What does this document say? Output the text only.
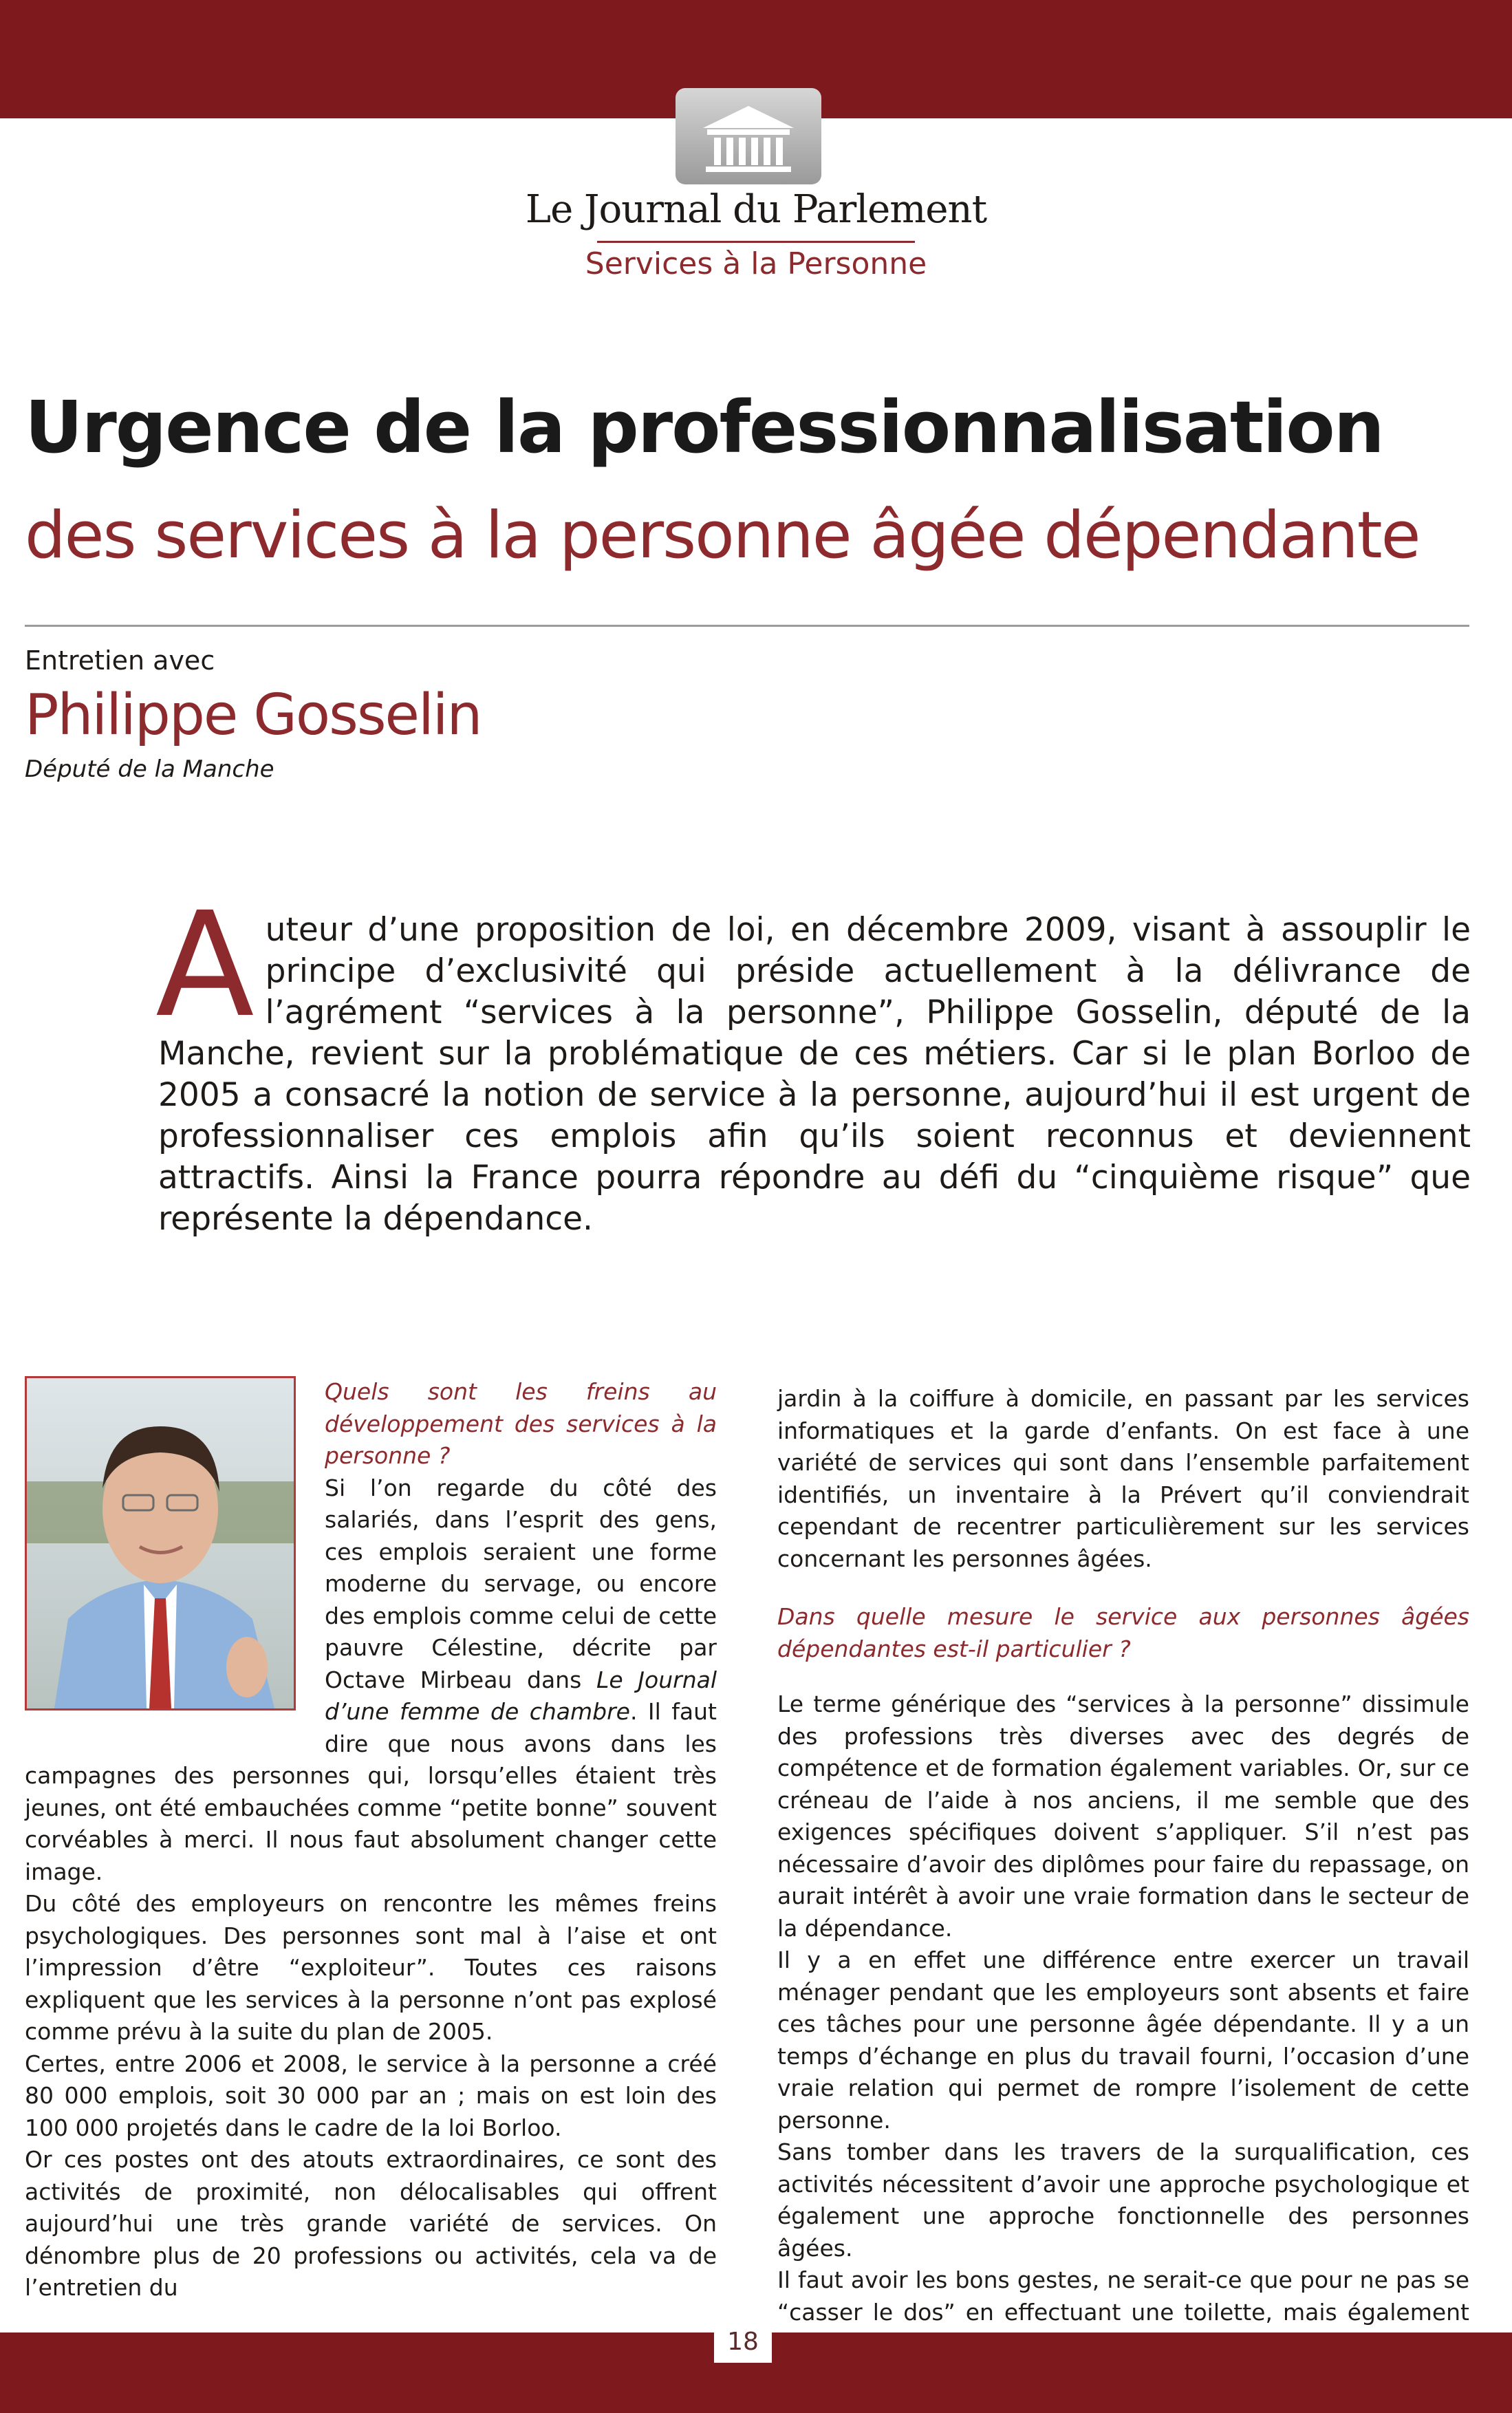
Le Journal du Parlement
Services à la Personne
Urgence de la professionnalisation
des services à la personne âgée dépendante
Entretien avec
Philippe Gosselin
Député de la Manche
Auteur d’une proposition de loi, en décembre 2009, visant à assouplir le principe d’exclusivité qui préside actuellement à la délivrance de l’agrément “services à la personne”, Philippe Gosselin, député de la Manche, revient sur la problématique de ces métiers. Car si le plan Borloo de 2005 a consacré la notion de service à la personne, aujourd’hui il est urgent de professionnaliser ces emplois afin qu’ils soient reconnus et deviennent attractifs. Ainsi la France pourra répondre au défi du “cinquième risque” que représente la dépendance.

Quels sont les freins au développement des services à la personne ?

Si l’on regarde du côté des salariés, dans l’esprit des gens, ces emplois seraient une forme moderne du servage, ou encore des emplois comme celui de cette pauvre Célestine, décrite par Octave Mirbeau dans Le Journal d’une femme de chambre. Il faut dire que nous avons dans les campagnes des personnes qui, lorsqu’elles étaient très jeunes, ont été embauchées comme “petite bonne” souvent corvéables à merci. Il nous faut absolument changer cette image.

Du côté des employeurs on rencontre les mêmes freins psychologiques. Des personnes sont mal à l’aise et ont l’impression d’être “exploiteur”. Toutes ces raisons expliquent que les services à la personne n’ont pas explosé comme prévu à la suite du plan de 2005.

Certes, entre 2006 et 2008, le service à la personne a créé 80 000 emplois, soit 30 000 par an ; mais on est loin des 100 000 projetés dans le cadre de la loi Borloo.

Or ces postes ont des atouts extraordinaires, ce sont des activités de proximité, non délocalisables qui offrent aujourd’hui une très grande variété de services. On dénombre plus de 20 professions ou activités, cela va de l’entretien du

jardin à la coiffure à domicile, en passant par les services informatiques et la garde d’enfants. On est face à une variété de services qui sont dans l’ensemble parfaitement identifiés, un inventaire à la Prévert qu’il conviendrait cependant de recentrer particulièrement sur les services concernant les personnes âgées.

Dans quelle mesure le service aux personnes âgées dépendantes est-il particulier ?

Le terme générique des “services à la personne” dissimule des professions très diverses avec des degrés de compétence et de formation également variables. Or, sur ce créneau de l’aide à nos anciens, il me semble que des exigences spécifiques doivent s’appliquer. S’il n’est pas nécessaire d’avoir des diplômes pour faire du repassage, on aurait intérêt à avoir une vraie formation dans le secteur de la dépendance.

Il y a en effet une différence entre exercer un travail ménager pendant que les employeurs sont absents et faire ces tâches pour une personne âgée dépendante. Il y a un temps d’échange en plus du travail fourni, l’occasion d’une vraie relation qui permet de rompre l’isolement de cette personne.

Sans tomber dans les travers de la surqualification, ces activités nécessitent d’avoir une approche psychologique et également une approche fonctionnelle des personnes âgées.

Il faut avoir les bons gestes, ne serait-ce que pour ne pas se “casser le dos” en effectuant une toilette, mais également

18
